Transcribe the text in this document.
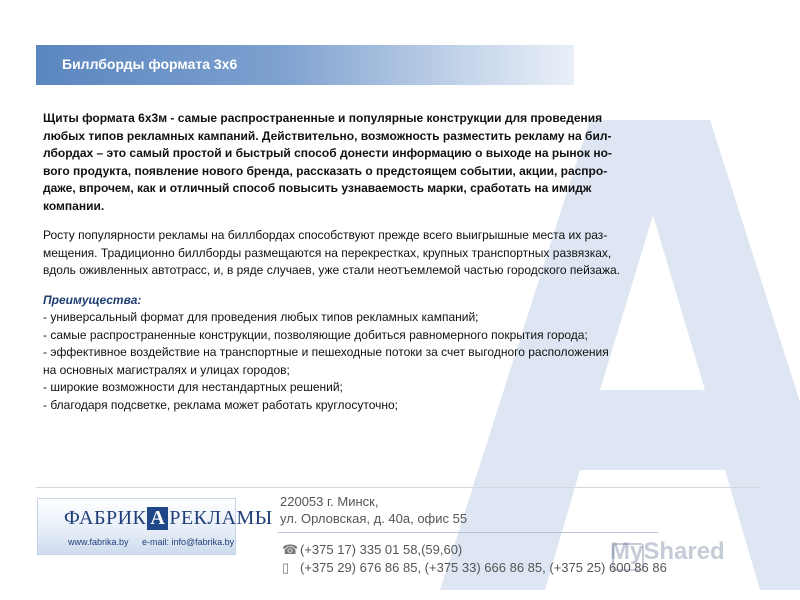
Биллборды формата 3х6
Щиты формата 6х3м - самые распространенные и популярные конструкции для проведения
любых типов рекламных кампаний. Действительно, возможность разместить рекламу на бил-
лбордах – это самый простой и быстрый способ донести информацию о выходе на рынок но-
вого продукта, появление нового бренда, рассказать о предстоящем событии, акции, распро-
даже, впрочем, как и отличный способ повысить узнаваемость марки, сработать на имидж
компании.
Росту популярности рекламы на биллбордах способствуют прежде всего выигрышные места их раз-
мещения. Традиционно биллборды размещаются на перекрестках, крупных транспортных развязках,
вдоль оживленных автотрасс, и, в ряде случаев, уже стали неотъемлемой частью городского пейзажа.
Преимущества:
- универсальный формат для проведения любых типов рекламных кампаний;
- самые распространенные конструкции, позволяющие добиться равномерного покрытия города;
- эффективное воздействие на транспортные и пешеходные потоки за счет выгодного расположения
на основных магистралях и улицах городов;
- широкие возможности для нестандартных решений;
- благодаря подсветке, реклама может работать круглосуточно;
ФАБРИК А РЕКЛАМЫ
www.fabrika.by e-mail: info@fabrika.by
220053 г. Минск,
ул. Орловская, д. 40а, офис 55
☎ (+375 17) 335 01 58,(59,60)
▯ (+375 29) 676 86 85, (+375 33) 666 86 85, (+375 25) 600 86 86
MyShared
